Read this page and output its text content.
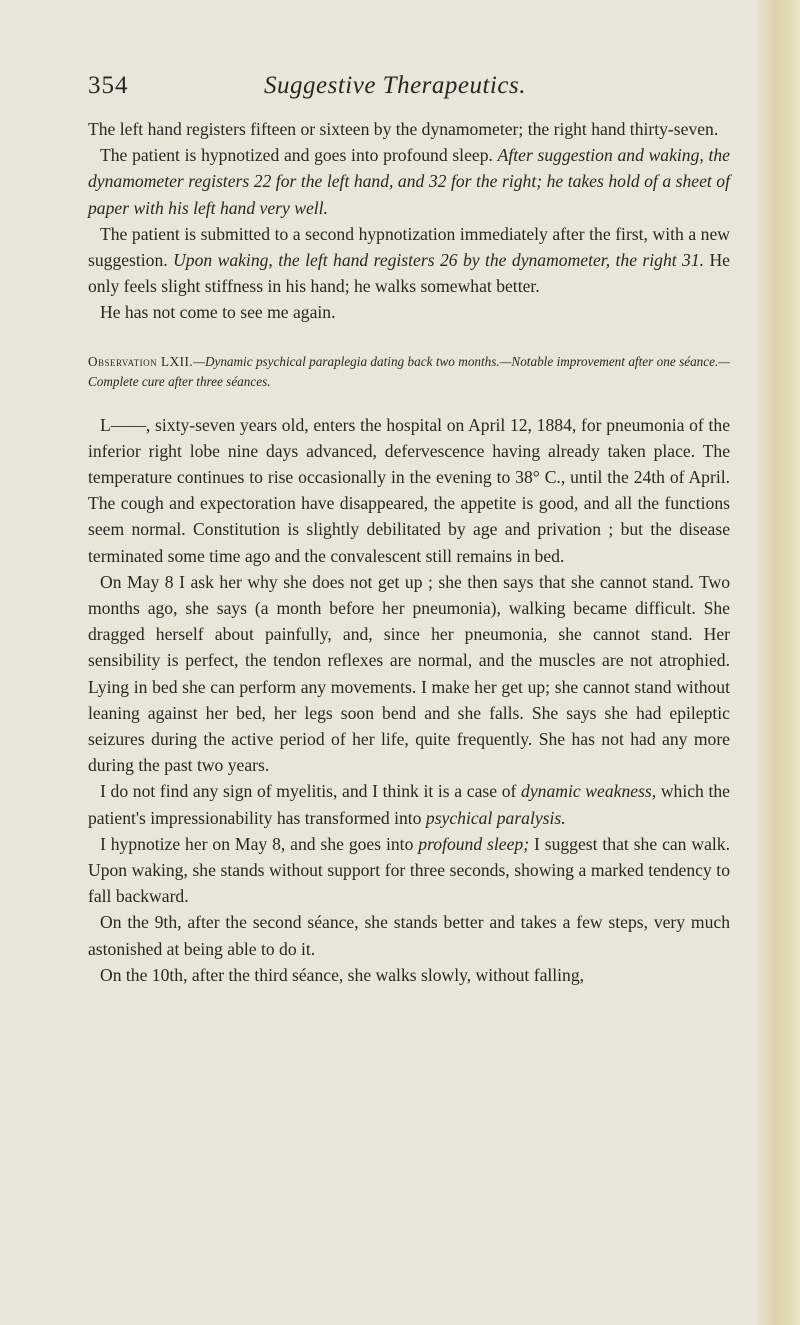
354	Suggestive Therapeutics.

The left hand registers fifteen or sixteen by the dynamometer; the right hand thirty-seven.

The patient is hypnotized and goes into profound sleep. After suggestion and waking, the dynamometer registers 22 for the left hand, and 32 for the right; he takes hold of a sheet of paper with his left hand very well.

The patient is submitted to a second hypnotization immediately after the first, with a new suggestion. Upon waking, the left hand registers 26 by the dynamometer, the right 31. He only feels slight stiffness in his hand; he walks somewhat better.

He has not come to see me again.

Observation LXII.—Dynamic psychical paraplegia dating back two months.—Notable improvement after one séance.—Complete cure after three séances.

L——, sixty-seven years old, enters the hospital on April 12, 1884, for pneumonia of the inferior right lobe nine days advanced, defervescence having already taken place. The temperature continues to rise occasionally in the evening to 38° C., until the 24th of April. The cough and expectoration have disappeared, the appetite is good, and all the functions seem normal. Constitution is slightly debilitated by age and privation ; but the disease terminated some time ago and the convalescent still remains in bed.

On May 8 I ask her why she does not get up ; she then says that she cannot stand. Two months ago, she says (a month before her pneumonia), walking became difficult. She dragged herself about painfully, and, since her pneumonia, she cannot stand. Her sensibility is perfect, the tendon reflexes are normal, and the muscles are not atrophied. Lying in bed she can perform any movements. I make her get up; she cannot stand without leaning against her bed, her legs soon bend and she falls. She says she had epileptic seizures during the active period of her life, quite frequently. She has not had any more during the past two years.

I do not find any sign of myelitis, and I think it is a case of dynamic weakness, which the patient's impressionability has transformed into psychical paralysis.

I hypnotize her on May 8, and she goes into profound sleep; I suggest that she can walk. Upon waking, she stands without support for three seconds, showing a marked tendency to fall backward.

On the 9th, after the second séance, she stands better and takes a few steps, very much astonished at being able to do it.

On the 10th, after the third séance, she walks slowly, without falling,
